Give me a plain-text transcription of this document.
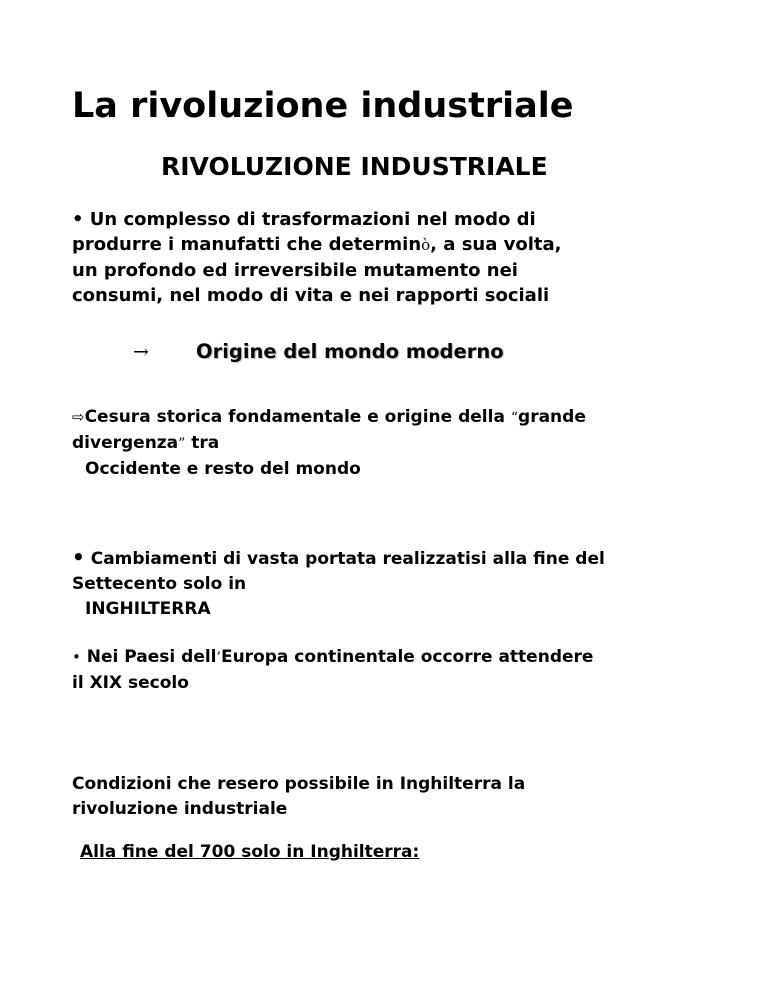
La rivoluzione industriale
RIVOLUZIONE INDUSTRIALE
• Un complesso di trasformazioni nel modo di
produrre i manufatti che determinò, a sua volta,
un profondo ed irreversibile mutamento nei
consumi, nel modo di vita e nei rapporti sociali
→ Origine del mondo moderno
⇨Cesura storica fondamentale e origine della “grande
divergenza” tra
Occidente e resto del mondo
• Cambiamenti di vasta portata realizzatisi alla fine del
Settecento solo in
INGHILTERRA
• Nei Paesi dell’Europa continentale occorre attendere
il XIX secolo
Condizioni che resero possibile in Inghilterra la
rivoluzione industriale
Alla fine del 700 solo in Inghilterra:
